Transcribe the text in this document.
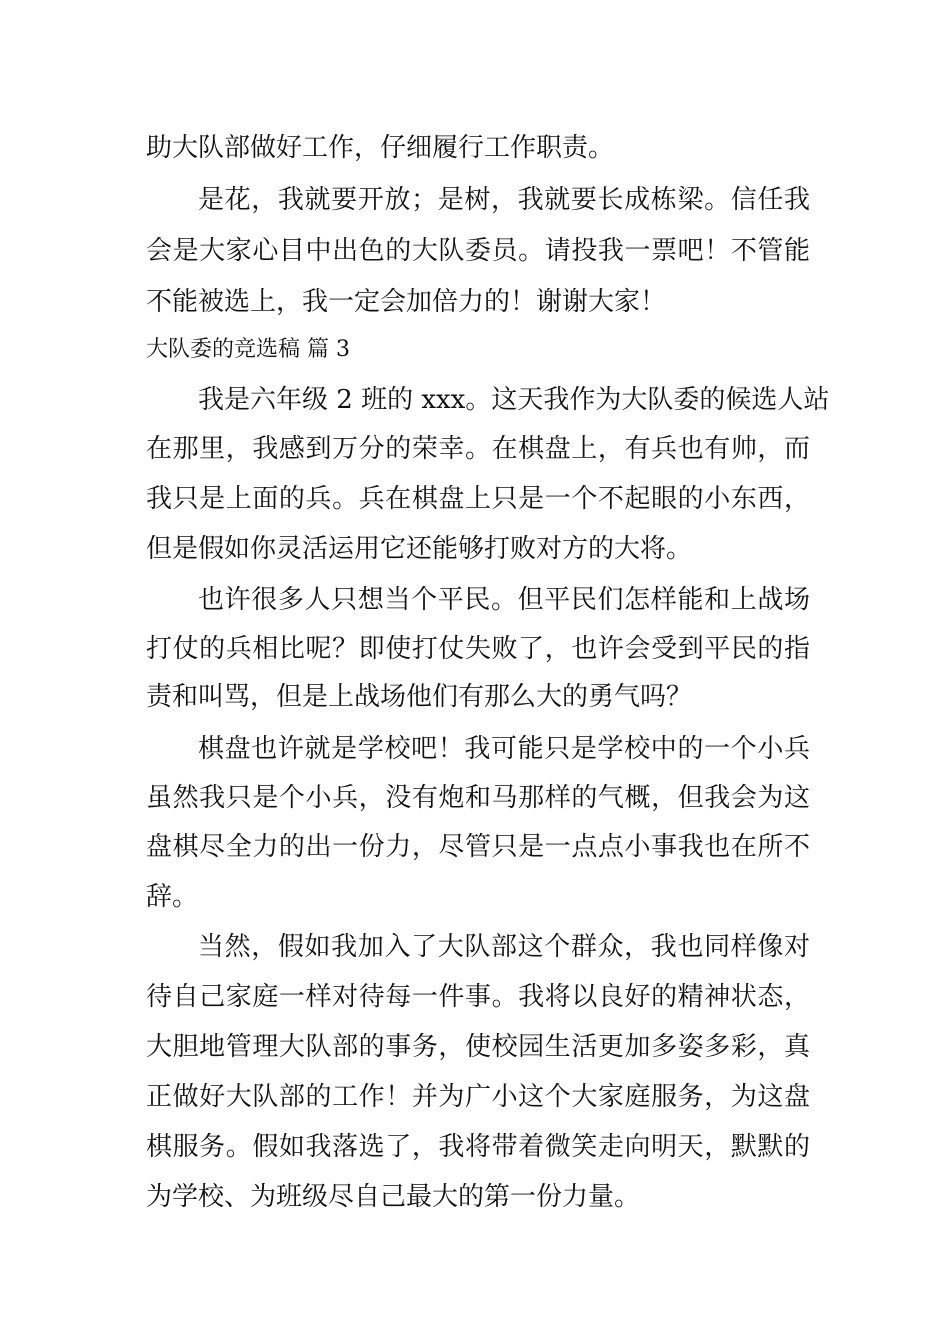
助大队部做好工作，仔细履行工作职责。

是花，我就要开放；是树，我就要长成栋梁。信任我

会是大家心目中出色的大队委员。请投我一票吧！不管能

不能被选上，我一定会加倍力的！谢谢大家！

大队委的竞选稿 篇 3

我是六年级 2 班的 xxx。这天我作为大队委的候选人站

在那里，我感到万分的荣幸。在棋盘上，有兵也有帅，而

我只是上面的兵。兵在棋盘上只是一个不起眼的小东西，

但是假如你灵活运用它还能够打败对方的大将。

也许很多人只想当个平民。但平民们怎样能和上战场

打仗的兵相比呢？即使打仗失败了，也许会受到平民的指

责和叫骂，但是上战场他们有那么大的勇气吗？

棋盘也许就是学校吧！我可能只是学校中的一个小兵

虽然我只是个小兵，没有炮和马那样的气概，但我会为这

盘棋尽全力的出一份力，尽管只是一点点小事我也在所不

辞。

当然，假如我加入了大队部这个群众，我也同样像对

待自己家庭一样对待每一件事。我将以良好的精神状态，

大胆地管理大队部的事务，使校园生活更加多姿多彩，真

正做好大队部的工作！并为广小这个大家庭服务，为这盘

棋服务。假如我落选了，我将带着微笑走向明天，默默的

为学校、为班级尽自己最大的第一份力量。
